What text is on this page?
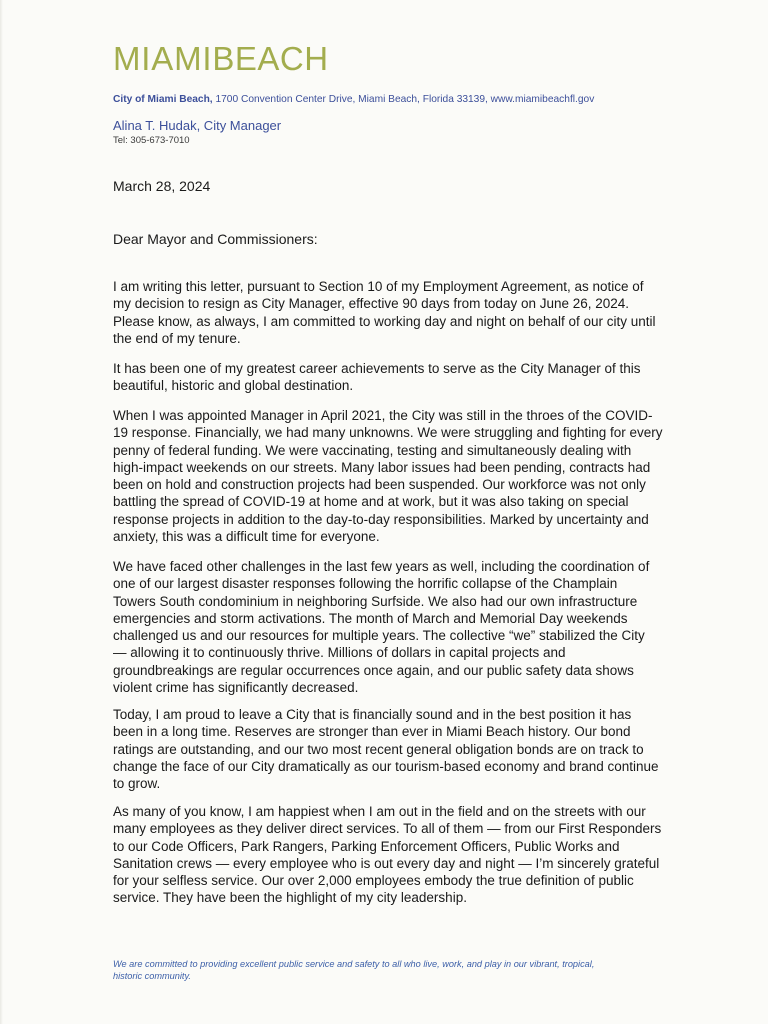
MIAMIBEACH
City of Miami Beach, 1700 Convention Center Drive, Miami Beach, Florida 33139, www.miamibeachfl.gov
Alina T. Hudak, City Manager
Tel: 305-673-7010
March 28, 2024
Dear Mayor and Commissioners:

I am writing this letter, pursuant to Section 10 of my Employment Agreement, as notice of
my decision to resign as City Manager, effective 90 days from today on June 26, 2024.
Please know, as always, I am committed to working day and night on behalf of our city until
the end of my tenure.

It has been one of my greatest career achievements to serve as the City Manager of this
beautiful, historic and global destination.

When I was appointed Manager in April 2021, the City was still in the throes of the COVID-
19 response. Financially, we had many unknowns. We were struggling and fighting for every
penny of federal funding. We were vaccinating, testing and simultaneously dealing with
high-impact weekends on our streets. Many labor issues had been pending, contracts had
been on hold and construction projects had been suspended. Our workforce was not only
battling the spread of COVID-19 at home and at work, but it was also taking on special
response projects in addition to the day-to-day responsibilities. Marked by uncertainty and
anxiety, this was a difficult time for everyone.

We have faced other challenges in the last few years as well, including the coordination of
one of our largest disaster responses following the horrific collapse of the Champlain
Towers South condominium in neighboring Surfside. We also had our own infrastructure
emergencies and storm activations. The month of March and Memorial Day weekends
challenged us and our resources for multiple years. The collective “we” stabilized the City
— allowing it to continuously thrive. Millions of dollars in capital projects and
groundbreakings are regular occurrences once again, and our public safety data shows
violent crime has significantly decreased.

Today, I am proud to leave a City that is financially sound and in the best position it has
been in a long time. Reserves are stronger than ever in Miami Beach history. Our bond
ratings are outstanding, and our two most recent general obligation bonds are on track to
change the face of our City dramatically as our tourism-based economy and brand continue
to grow.

As many of you know, I am happiest when I am out in the field and on the streets with our
many employees as they deliver direct services. To all of them — from our First Responders
to our Code Officers, Park Rangers, Parking Enforcement Officers, Public Works and
Sanitation crews — every employee who is out every day and night — I’m sincerely grateful
for your selfless service. Our over 2,000 employees embody the true definition of public
service. They have been the highlight of my city leadership.

We are committed to providing excellent public service and safety to all who live, work, and play in our vibrant, tropical,
historic community.
